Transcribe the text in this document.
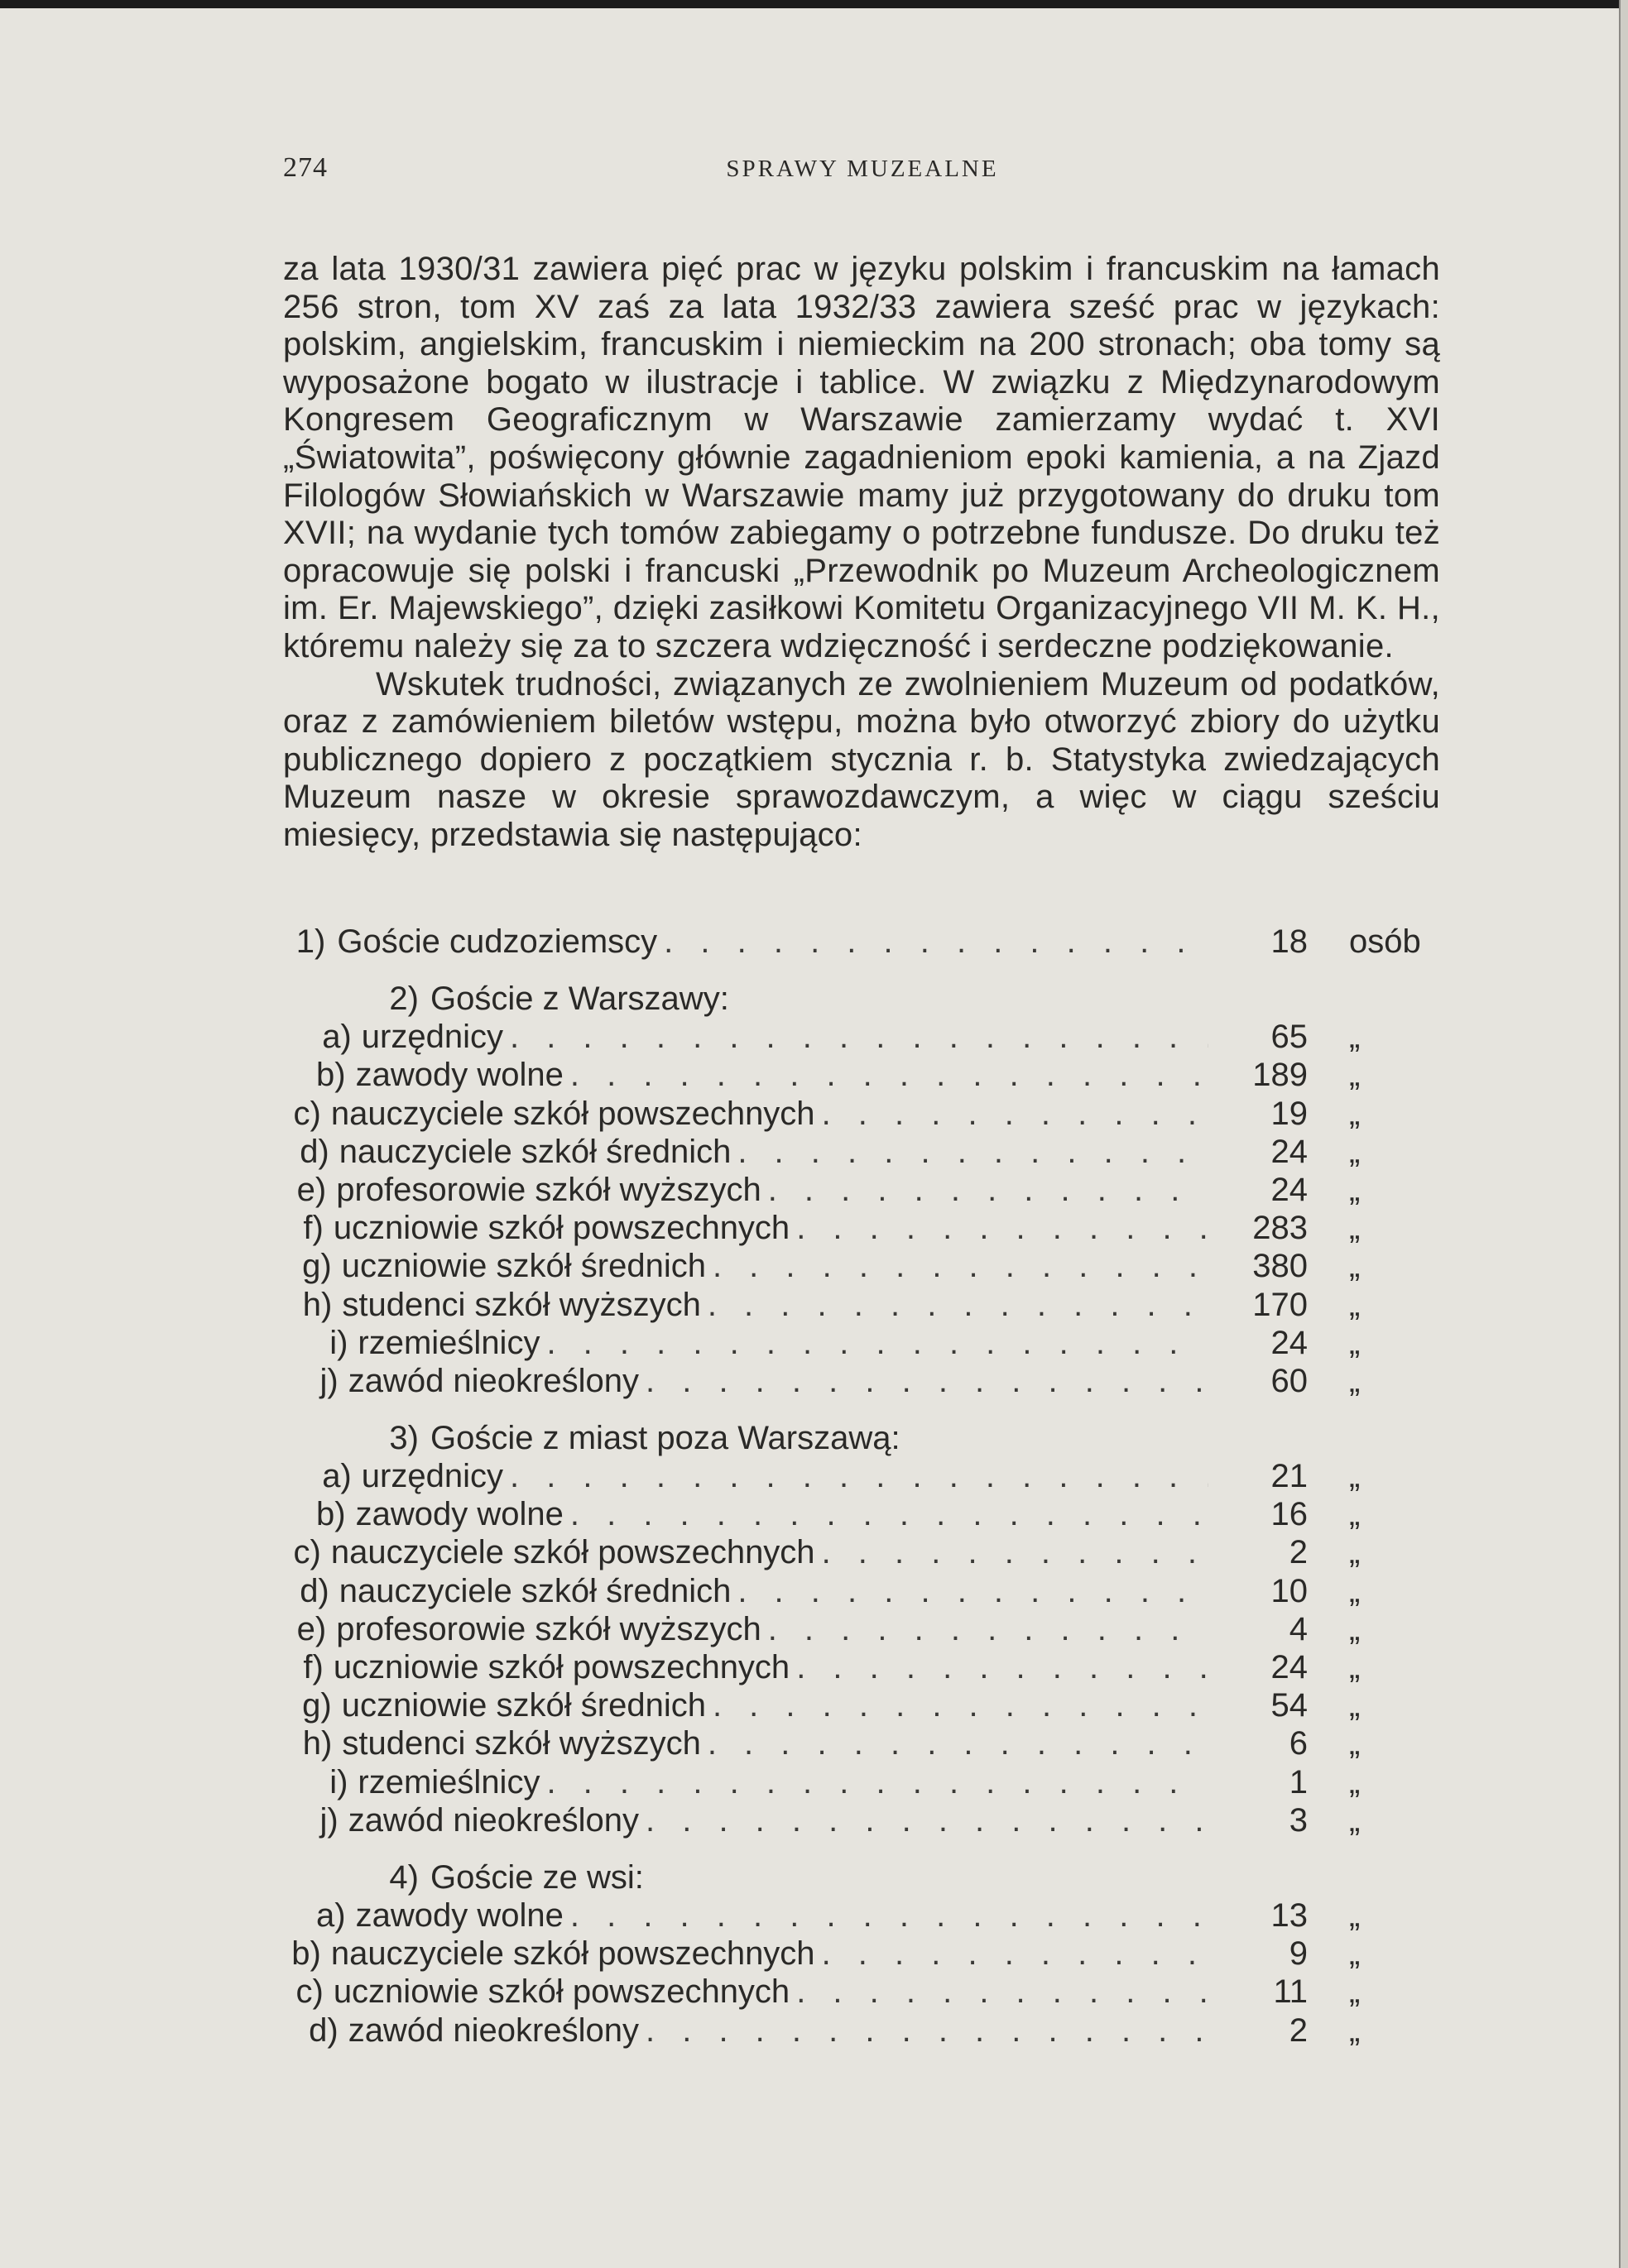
274	SPRAWY MUZEALNE

za lata 1930/31 zawiera pięć prac w języku polskim i francuskim na łamach 256 stron, tom XV zaś za lata 1932/33 zawiera sześć prac w językach: polskim, angielskim, francuskim i niemieckim na 200 stronach; oba tomy są wyposażone bogato w ilustracje i tablice. W związku z Międzynarodowym Kongresem Geograficznym w Warszawie zamierzamy wydać t. XVI „Światowita”, poświęcony głównie zagadnieniom epoki kamienia, a na Zjazd Filologów Słowiańskich w Warszawie mamy już przygotowany do druku tom XVII; na wydanie tych tomów zabiegamy o potrzebne fundusze. Do druku też opracowuje się polski i francuski „Przewodnik po Muzeum Archeologicznem im. Er. Majewskiego”, dzięki zasiłkowi Komitetu Organizacyjnego VII M. K. H., któremu należy się za to szczera wdzięczność i serdeczne podziękowanie.

Wskutek trudności, związanych ze zwolnieniem Muzeum od podatków, oraz z zamówieniem biletów wstępu, można było otworzyć zbiory do użytku publicznego dopiero z początkiem stycznia r. b. Statystyka zwiedzających Muzeum nasze w okresie sprawozdawczym, a więc w ciągu sześciu miesięcy, przedstawia się następująco:

1) Goście cudzoziemscy . . .	18	osób
2) Goście z Warszawy:
a) urzędnicy . . .	65	„
b) zawody wolne . . .	189	„
c) nauczyciele szkół powszechnych . . .	19	„
d) nauczyciele szkół średnich . . .	24	„
e) profesorowie szkół wyższych . . .	24	„
f) uczniowie szkół powszechnych . . .	283	„
g) uczniowie szkół średnich . . .	380	„
h) studenci szkół wyższych . . .	170	„
i) rzemieślnicy . . .	24	„
j) zawód nieokreślony . . .	60	„
3) Goście z miast poza Warszawą:
a) urzędnicy . . .	21	„
b) zawody wolne . . .	16	„
c) nauczyciele szkół powszechnych . . .	2	„
d) nauczyciele szkół średnich . . .	10	„
e) profesorowie szkół wyższych . . .	4	„
f) uczniowie szkół powszechnych . . .	24	„
g) uczniowie szkół średnich . . .	54	„
h) studenci szkół wyższych . . .	6	„
i) rzemieślnicy . . .	1	„
j) zawód nieokreślony . . .	3	„
4) Goście ze wsi:
a) zawody wolne . . .	13	„
b) nauczyciele szkół powszechnych . . .	9	„
c) uczniowie szkół powszechnych . . .	11	„
d) zawód nieokreślony . . .	2	„
